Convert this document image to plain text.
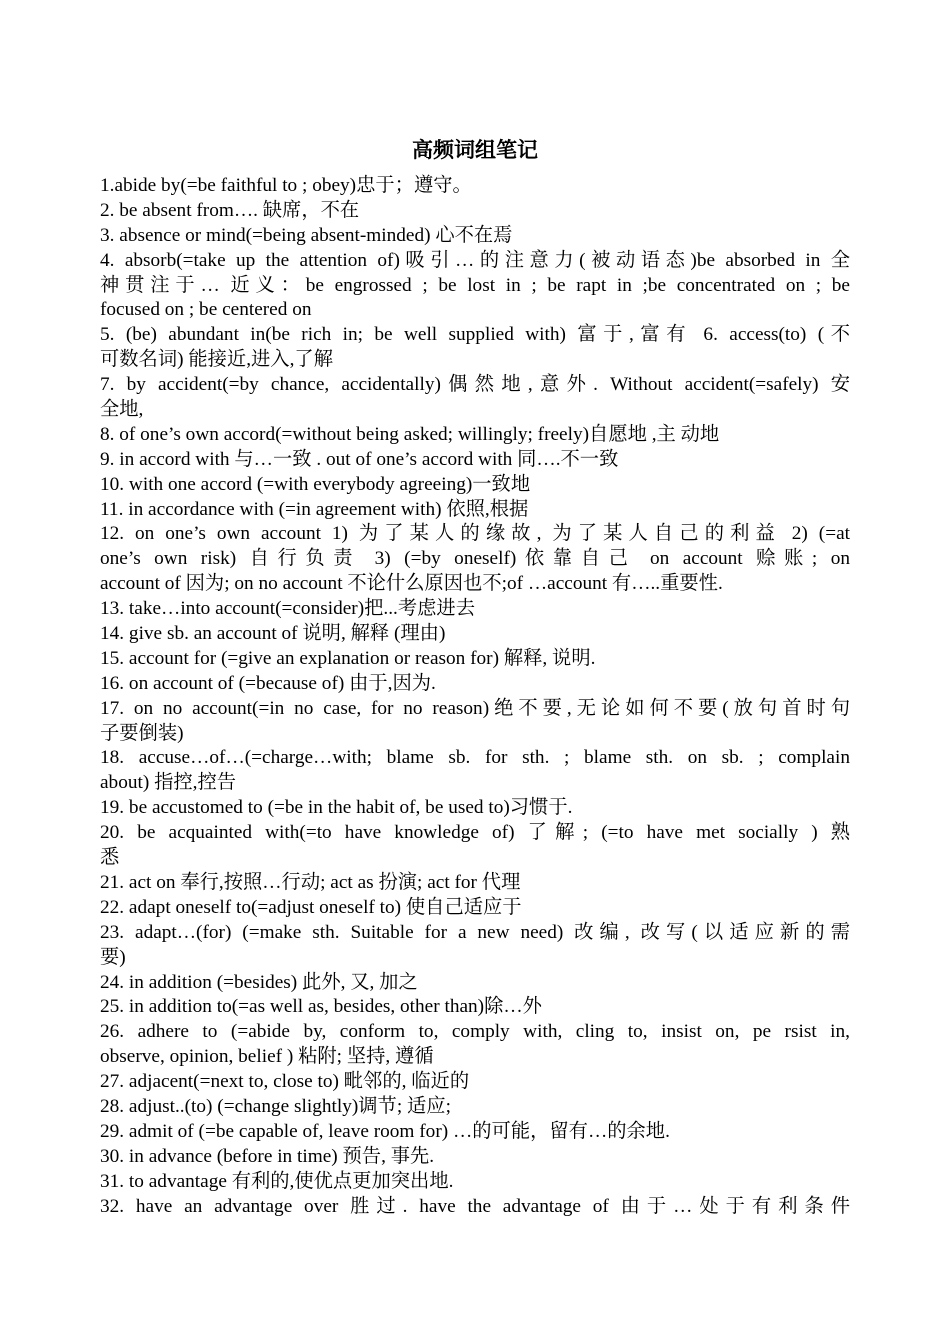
高频词组笔记
1.abide by(=be faithful to ; obey)忠于；遵守。
2. be absent from…. 缺席，不在
3. absence or mind(=being absent-minded) 心不在焉
4. absorb(=take up the attention of)吸引…的注意力(被动语态)be absorbed in 全
神贯注于… 近义：be engrossed ; be lost in ; be rapt in ;be concentrated on ; be
focused on ; be centered on
5. (be) abundant in(be rich in; be well supplied with) 富于,富有 6. access(to) (不
可数名词) 能接近,进入,了解
7. by accident(=by chance, accidentally)偶然地,意外. Without accident(=safely) 安
全地,
8. of one’s own accord(=without being asked; willingly; freely)自愿地 ,主 动地
9. in accord with 与…一致 . out of one’s accord with 同….不一致
10. with one accord (=with everybody agreeing)一致地
11. in accordance with (=in agreement with) 依照,根据
12. on one’s own account 1) 为了某人的缘故, 为了某人自己的利益 2) (=at
one’s own risk) 自行负责 3) (=by oneself)依靠自己 on account 赊账; on
account of 因为; on no account 不论什么原因也不;of …account 有…..重要性.
13. take…into account(=consider)把...考虑进去
14. give sb. an account of 说明, 解释 (理由)
15. account for (=give an explanation or reason for) 解释, 说明.
16. on account of (=because of) 由于,因为.
17. on no account(=in no case, for no reason)绝不要,无论如何不要(放句首时句
子要倒装)
18. accuse…of…(=charge…with; blame sb. for sth. ; blame sth. on sb. ; complain
about) 指控,控告
19. be accustomed to (=be in the habit of, be used to)习惯于.
20. be acquainted with(=to have knowledge of) 了解; (=to have met socially ) 熟
悉
21. act on 奉行,按照…行动; act as 扮演; act for 代理
22. adapt oneself to(=adjust oneself to) 使自己适应于
23. adapt…(for) (=make sth. Suitable for a new need) 改编, 改写(以适应新的需
要)
24. in addition (=besides) 此外, 又, 加之
25. in addition to(=as well as, besides, other than)除…外
26. adhere to (=abide by, conform to, comply with, cling to, insist on, pe rsist in,
observe, opinion, belief ) 粘附; 坚持, 遵循
27. adjacent(=next to, close to) 毗邻的, 临近的
28. adjust..(to) (=change slightly)调节; 适应;
29. admit of (=be capable of, leave room for) …的可能，留有…的余地.
30. in advance (before in time) 预告, 事先.
31. to advantage 有利的,使优点更加突出地.
32. have an advantage over 胜过. have the advantage of 由于…处于有利条件
